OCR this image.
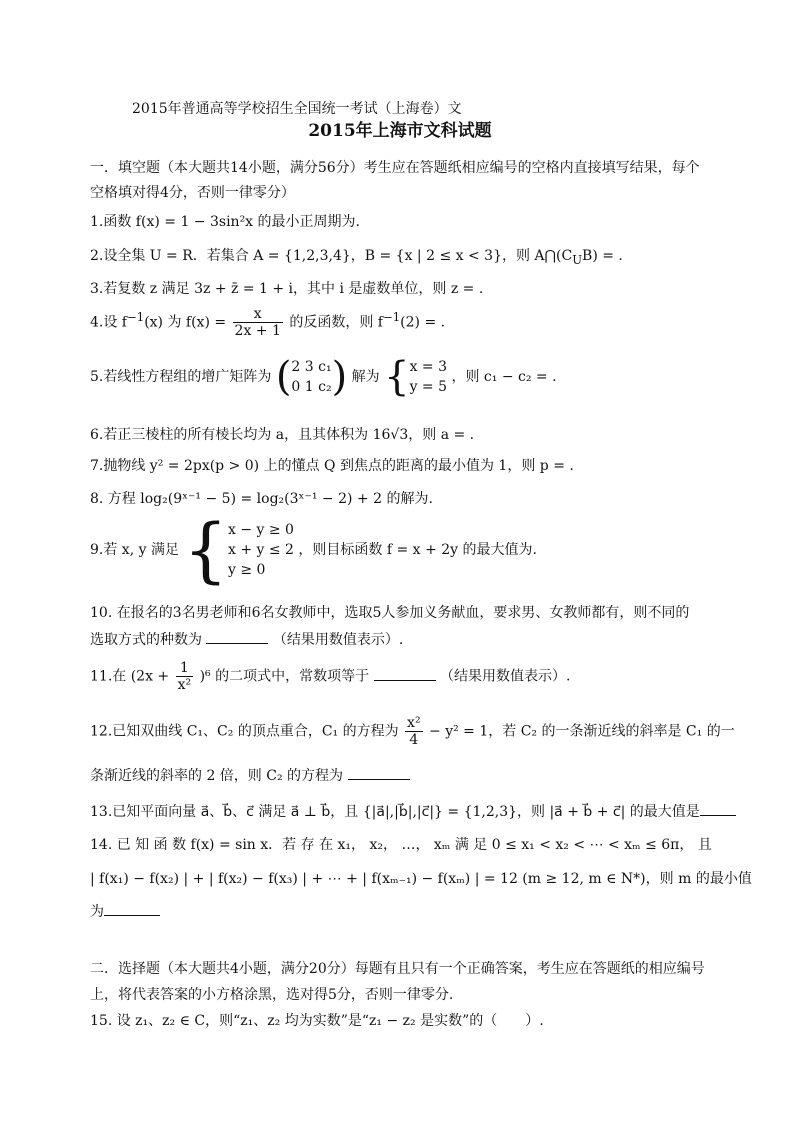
2015年普通高等学校招生全国统一考试（上海卷）文
2015年上海市文科试题
一．填空题（本大题共14小题，满分56分）考生应在答题纸相应编号的空格内直接填写结果，每个
空格填对得4分，否则一律零分）
1.函数 f(x) = 1 − 3sin²x 的最小正周期为.
2.设全集 U = R．若集合 A = {1,2,3,4}，B = {x | 2 ≤ x < 3}，则 $A⋂(C_UB)$ = .
3.若复数 z 满足 3z + z̄ = 1 + i，其中 i 是虚数单位，则 z = .
4.设 $f^{-1}(x)$ 为 $f(x) = \frac{x}{2x + 1}$ 的反函数，则 $f^{-1}(2)$ = .
5.若线性方程组的增广矩阵为 (2 3 c₁
0 1 c₂) 解为 {x = 3
y = 5 ，则 c₁ − c₂ = .
6.若正三棱柱的所有棱长均为 a，且其体积为 16√3，则 a = .
7.抛物线 y² = 2px(p > 0) 上的懂点 Q 到焦点的距离的最小值为 1，则 p = .
8. 方程 log₂(9ˣ⁻¹ − 5) = log₂(3ˣ⁻¹ − 2) + 2 的解为.
9.若 x, y 满足 {x − y ≥ 0
x + y ≤ 2
y ≥ 0 ，则目标函数 f = x + 2y 的最大值为.
10. 在报名的3名男老师和6名女教师中，选取5人参加义务献血，要求男、女教师都有，则不同的
选取方式的种数为	（结果用数值表示）.
11.在 $(2x + \frac{1}{\text{x²}} )^6$ 的二项式中，常数项等于	（结果用数值表示）.
12.已知双曲线 C₁、C₂ 的顶点重合，C₁ 的方程为 $\frac{\text{x²}}{4} - y^2 = 1$，若 C₂ 的一条渐近线的斜率是 C₁ 的一
条渐近线的斜率的 2 倍，则 C₂ 的方程为
13.已知平面向量 a⃗、b⃗、c⃗ 满足 a⃗ ⊥ b⃗，且 {|a⃗|,|b⃗|,|c⃗|} = {1,2,3}，则 |a⃗ + b⃗ + c⃗| 的最大值是
14. 已 知 函 数 f(x) = sin x．若 存 在 x₁， x₂， …， xₘ 满 足 0 ≤ x₁ < x₂ < ⋯ < xₘ ≤ 6π， 且
| f(x₁) − f(x₂) | + | f(x₂) − f(x₃) | + ⋯ + | f(xₘ₋₁) − f(xₘ) | = 12 (m ≥ 12, m ∈ N*)，则 m 的最小值
为
二．选择题（本大题共4小题，满分20分）每题有且只有一个正确答案，考生应在答题纸的相应编号
上，将代表答案的小方格涂黑，选对得5分，否则一律零分.
15. 设 z₁、z₂ ∈ C，则“z₁、z₂ 均为实数”是“z₁ − z₂ 是实数”的（　　）.
